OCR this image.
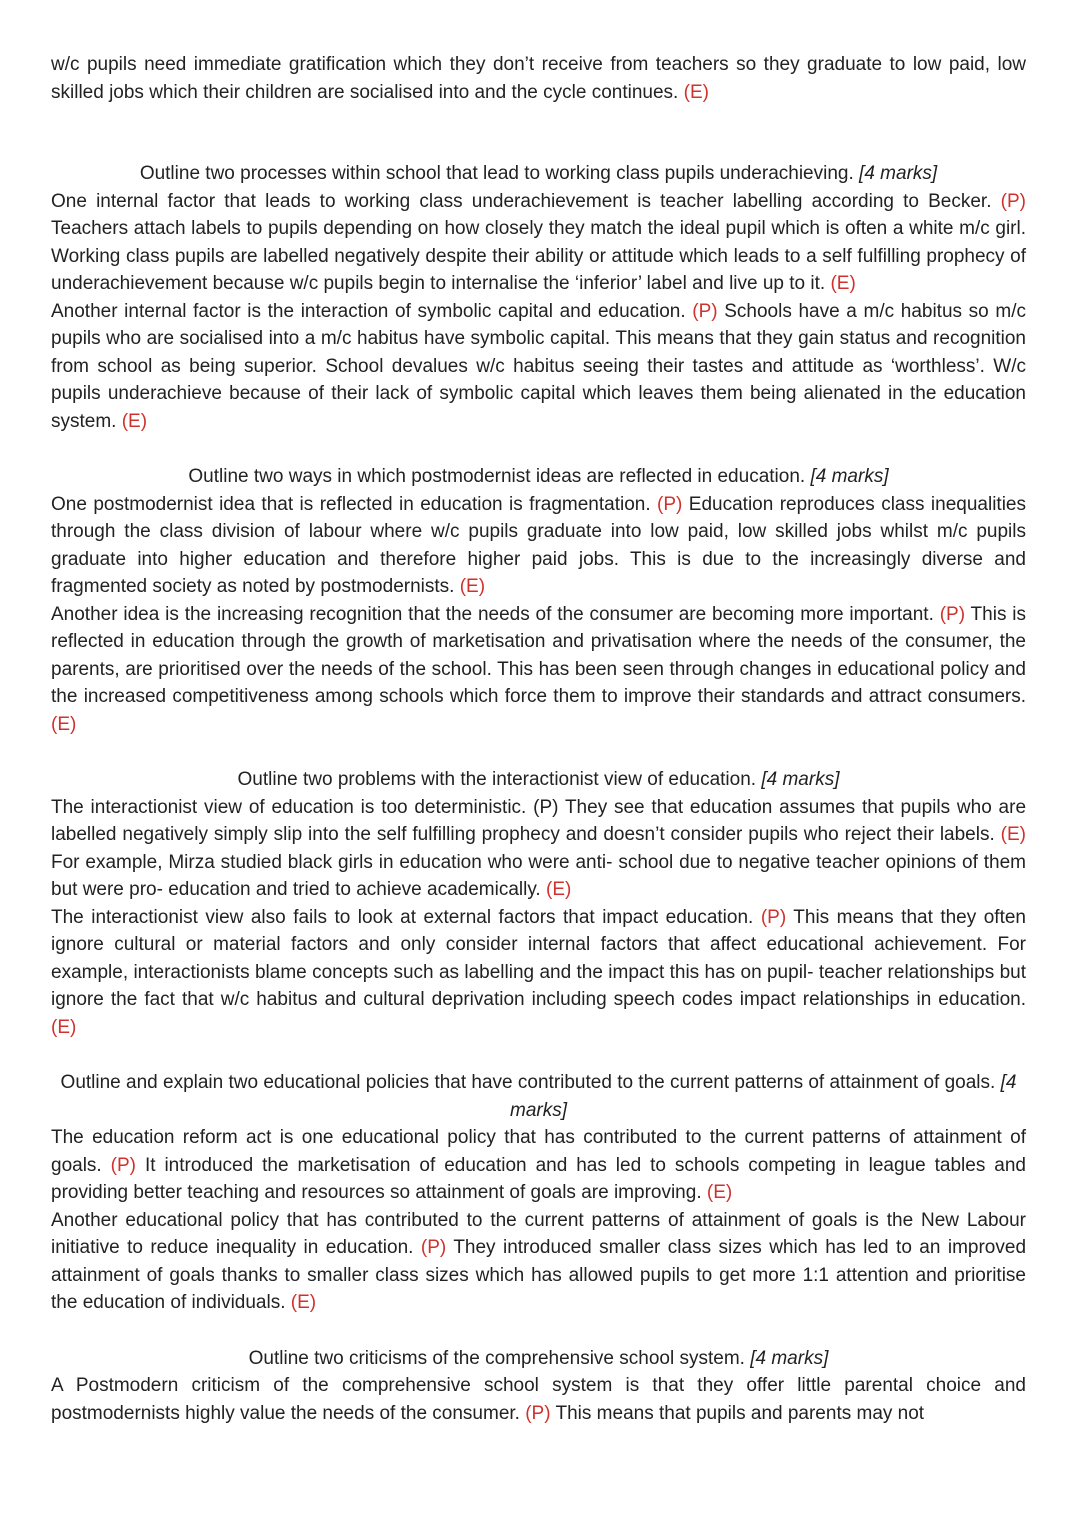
w/c pupils need immediate gratification which they don’t receive from teachers so they graduate to low paid, low skilled jobs which their children are socialised into and the cycle continues. (E)

Outline two processes within school that lead to working class pupils underachieving. [4 marks]

One internal factor that leads to working class underachievement is teacher labelling according to Becker. (P) Teachers attach labels to pupils depending on how closely they match the ideal pupil which is often a white m/c girl. Working class pupils are labelled negatively despite their ability or attitude which leads to a self fulfilling prophecy of underachievement because w/c pupils begin to internalise the ‘inferior’ label and live up to it. (E)

Another internal factor is the interaction of symbolic capital and education. (P) Schools have a m/c habitus so m/c pupils who are socialised into a m/c habitus have symbolic capital. This means that they gain status and recognition from school as being superior. School devalues w/c habitus seeing their tastes and attitude as ‘worthless’. W/c pupils underachieve because of their lack of symbolic capital which leaves them being alienated in the education system. (E)

Outline two ways in which postmodernist ideas are reflected in education. [4 marks]

One postmodernist idea that is reflected in education is fragmentation. (P) Education reproduces class inequalities through the class division of labour where w/c pupils graduate into low paid, low skilled jobs whilst m/c pupils graduate into higher education and therefore higher paid jobs. This is due to the increasingly diverse and fragmented society as noted by postmodernists. (E)

Another idea is the increasing recognition that the needs of the consumer are becoming more important. (P) This is reflected in education through the growth of marketisation and privatisation where the needs of the consumer, the parents, are prioritised over the needs of the school. This has been seen through changes in educational policy and the increased competitiveness among schools which force them to improve their standards and attract consumers. (E)

Outline two problems with the interactionist view of education. [4 marks]

The interactionist view of education is too deterministic. (P) They see that education assumes that pupils who are labelled negatively simply slip into the self fulfilling prophecy and doesn’t consider pupils who reject their labels. (E) For example, Mirza studied black girls in education who were anti- school due to negative teacher opinions of them but were pro- education and tried to achieve academically. (E)

The interactionist view also fails to look at external factors that impact education. (P) This means that they often ignore cultural or material factors and only consider internal factors that affect educational achievement. For example, interactionists blame concepts such as labelling and the impact this has on pupil- teacher relationships but ignore the fact that w/c habitus and cultural deprivation including speech codes impact relationships in education. (E)

Outline and explain two educational policies that have contributed to the current patterns of attainment of goals. [4 marks]

The education reform act is one educational policy that has contributed to the current patterns of attainment of goals. (P) It introduced the marketisation of education and has led to schools competing in league tables and providing better teaching and resources so attainment of goals are improving. (E)

Another educational policy that has contributed to the current patterns of attainment of goals is the New Labour initiative to reduce inequality in education. (P) They introduced smaller class sizes which has led to an improved attainment of goals thanks to smaller class sizes which has allowed pupils to get more 1:1 attention and prioritise the education of individuals. (E)

Outline two criticisms of the comprehensive school system. [4 marks]

A Postmodern criticism of the comprehensive school system is that they offer little parental choice and postmodernists highly value the needs of the consumer. (P) This means that pupils and parents may not
